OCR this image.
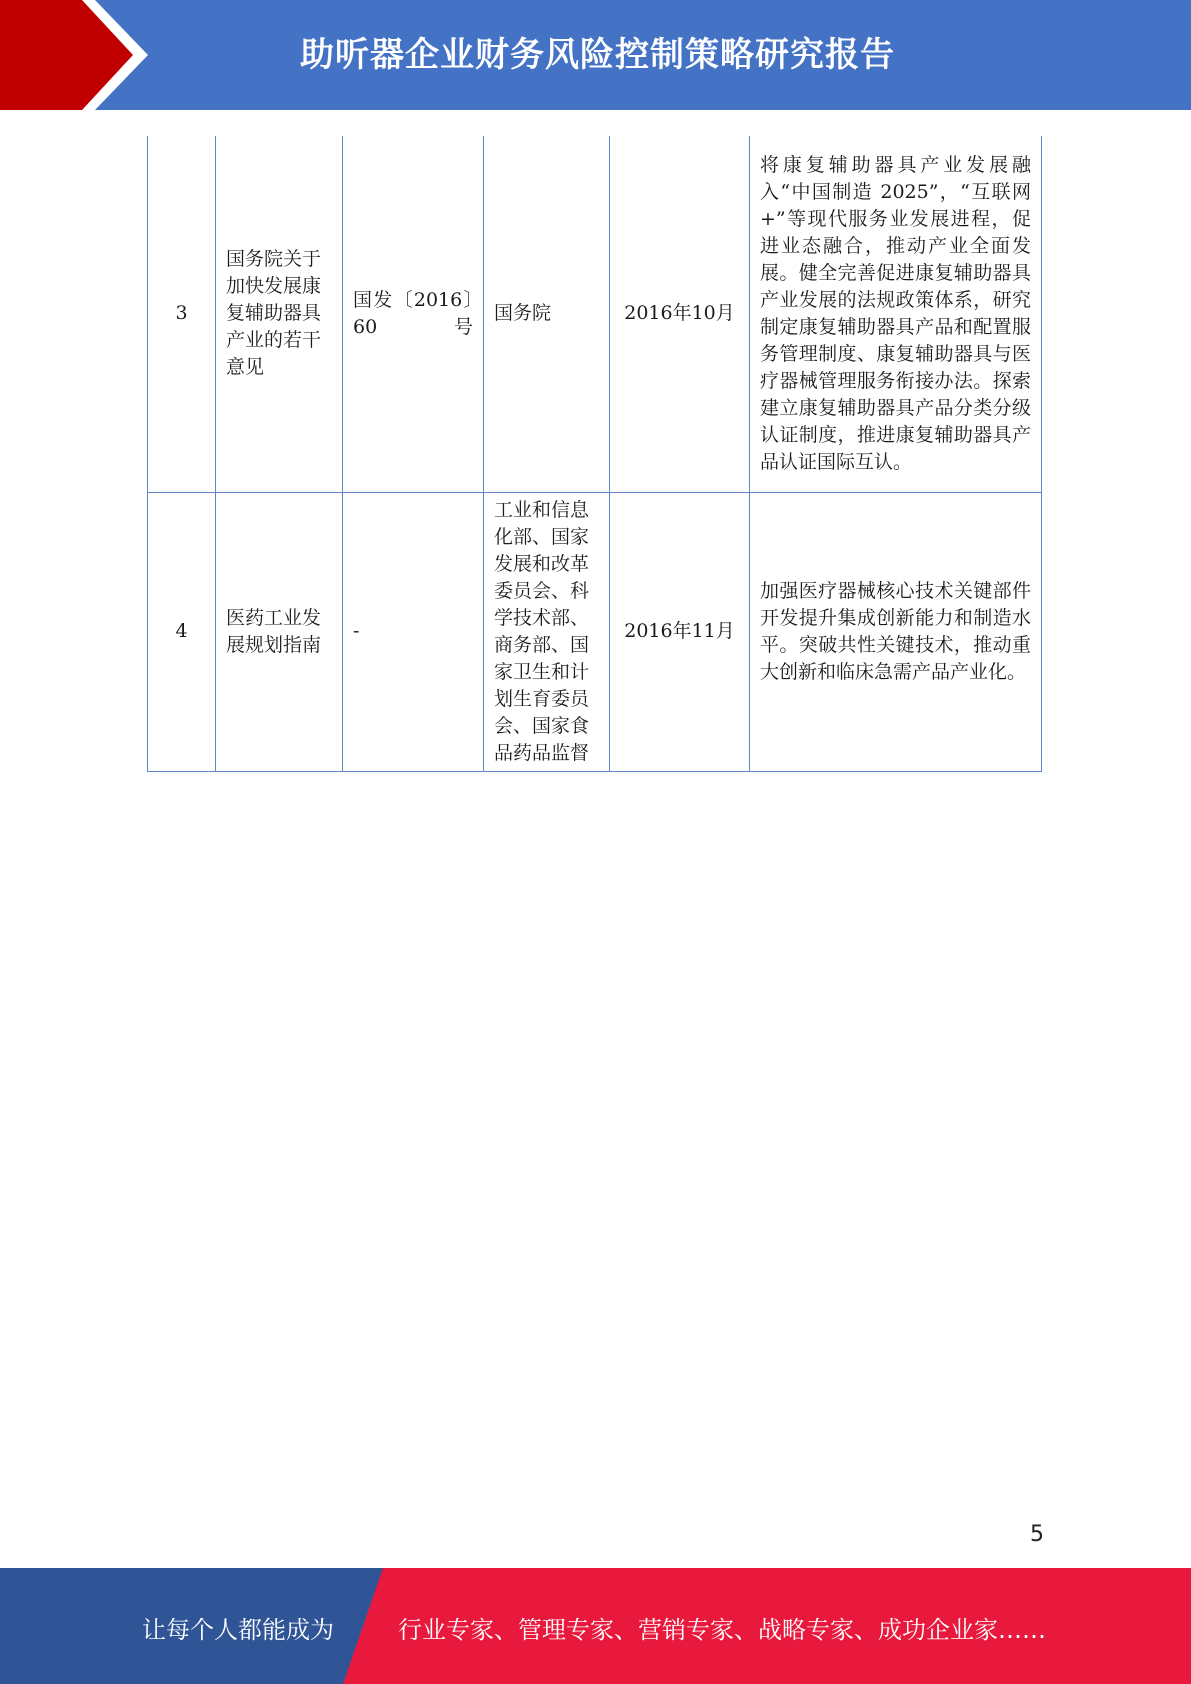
助听器企业财务风险控制策略研究报告
3	国务院关于加快发展康复辅助器具产业的若干意见	国发〔2016〕60号	国务院	2016年10月	将康复辅助器具产业发展融入“中国制造 2025”，“互联网+”等现代服务业发展进程，促进业态融合，推动产业全面发展。健全完善促进康复辅助器具产业发展的法规政策体系，研究制定康复辅助器具产品和配置服务管理制度、康复辅助器具与医疗器械管理服务衔接办法。探索建立康复辅助器具产品分类分级认证制度，推进康复辅助器具产品认证国际互认。
4	医药工业发展规划指南	-	工业和信息化部、国家发展和改革委员会、科学技术部、商务部、国家卫生和计划生育委员会、国家食品药品监督	2016年11月	加强医疗器械核心技术关键部件开发提升集成创新能力和制造水平。突破共性关键技术，推动重大创新和临床急需产品产业化。
5
让每个人都能成为	行业专家、管理专家、营销专家、战略专家、成功企业家……
